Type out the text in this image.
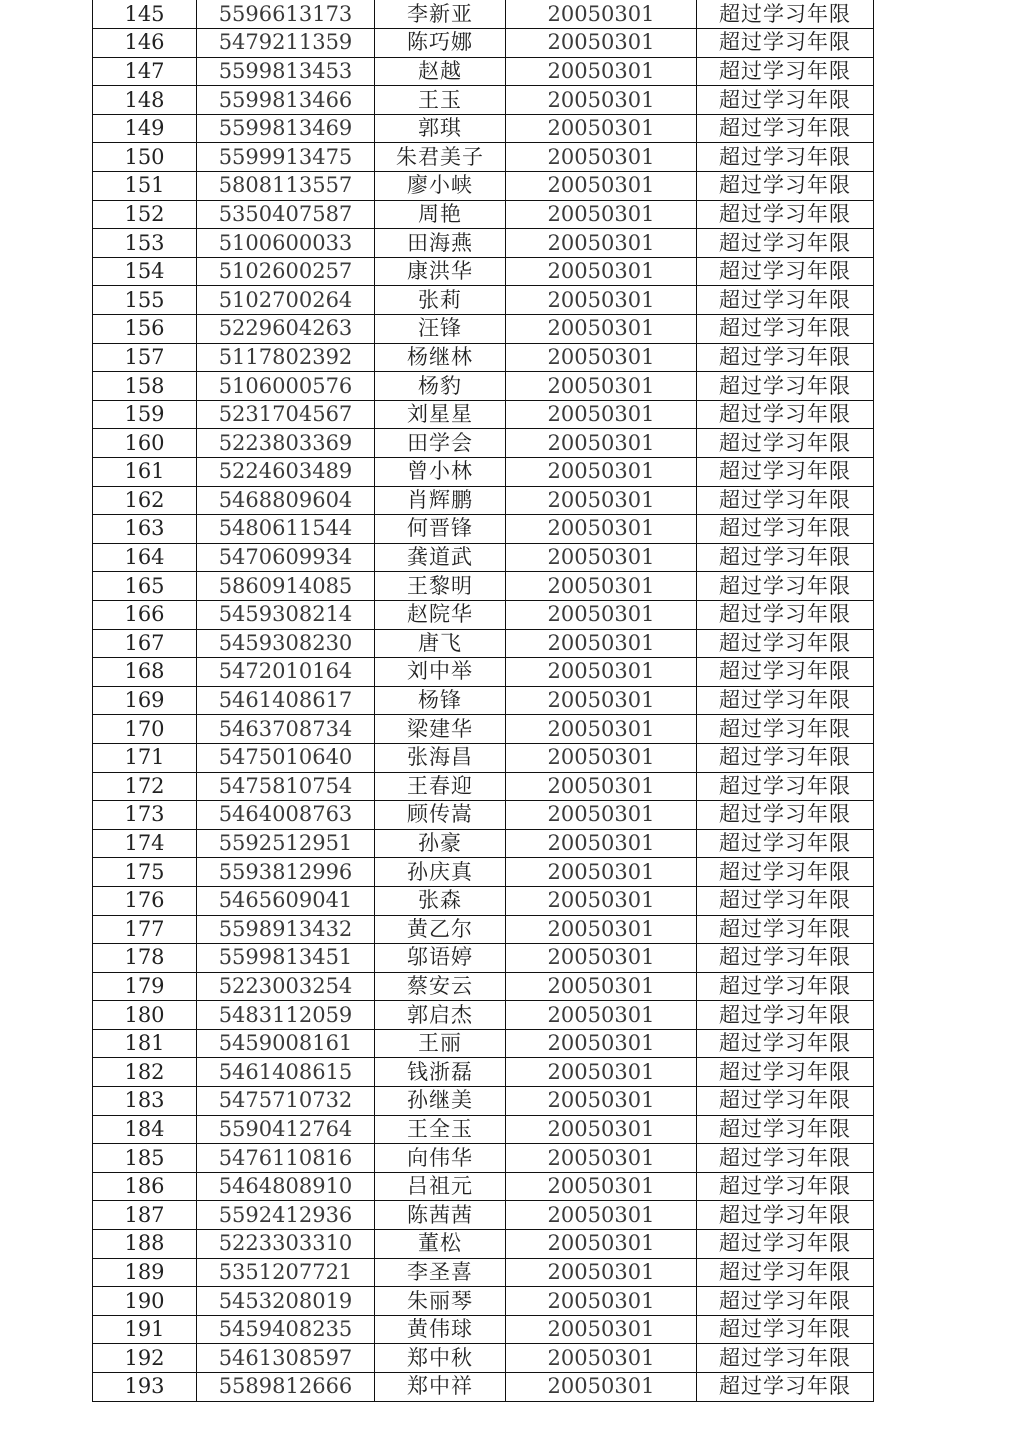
145	5596613173	李新亚	20050301	超过学习年限
146	5479211359	陈巧娜	20050301	超过学习年限
147	5599813453	赵越	20050301	超过学习年限
148	5599813466	王玉	20050301	超过学习年限
149	5599813469	郭琪	20050301	超过学习年限
150	5599913475	朱君美子	20050301	超过学习年限
151	5808113557	廖小峡	20050301	超过学习年限
152	5350407587	周艳	20050301	超过学习年限
153	5100600033	田海燕	20050301	超过学习年限
154	5102600257	康洪华	20050301	超过学习年限
155	5102700264	张莉	20050301	超过学习年限
156	5229604263	汪锋	20050301	超过学习年限
157	5117802392	杨继林	20050301	超过学习年限
158	5106000576	杨豹	20050301	超过学习年限
159	5231704567	刘星星	20050301	超过学习年限
160	5223803369	田学会	20050301	超过学习年限
161	5224603489	曾小林	20050301	超过学习年限
162	5468809604	肖辉鹏	20050301	超过学习年限
163	5480611544	何晋锋	20050301	超过学习年限
164	5470609934	龚道武	20050301	超过学习年限
165	5860914085	王黎明	20050301	超过学习年限
166	5459308214	赵院华	20050301	超过学习年限
167	5459308230	唐飞	20050301	超过学习年限
168	5472010164	刘中举	20050301	超过学习年限
169	5461408617	杨锋	20050301	超过学习年限
170	5463708734	梁建华	20050301	超过学习年限
171	5475010640	张海昌	20050301	超过学习年限
172	5475810754	王春迎	20050301	超过学习年限
173	5464008763	顾传嵩	20050301	超过学习年限
174	5592512951	孙豪	20050301	超过学习年限
175	5593812996	孙庆真	20050301	超过学习年限
176	5465609041	张森	20050301	超过学习年限
177	5598913432	黄乙尔	20050301	超过学习年限
178	5599813451	邬语婷	20050301	超过学习年限
179	5223003254	蔡安云	20050301	超过学习年限
180	5483112059	郭启杰	20050301	超过学习年限
181	5459008161	王丽	20050301	超过学习年限
182	5461408615	钱浙磊	20050301	超过学习年限
183	5475710732	孙继美	20050301	超过学习年限
184	5590412764	王全玉	20050301	超过学习年限
185	5476110816	向伟华	20050301	超过学习年限
186	5464808910	吕祖元	20050301	超过学习年限
187	5592412936	陈茜茜	20050301	超过学习年限
188	5223303310	董松	20050301	超过学习年限
189	5351207721	李圣喜	20050301	超过学习年限
190	5453208019	朱丽琴	20050301	超过学习年限
191	5459408235	黄伟球	20050301	超过学习年限
192	5461308597	郑中秋	20050301	超过学习年限
193	5589812666	郑中祥	20050301	超过学习年限
